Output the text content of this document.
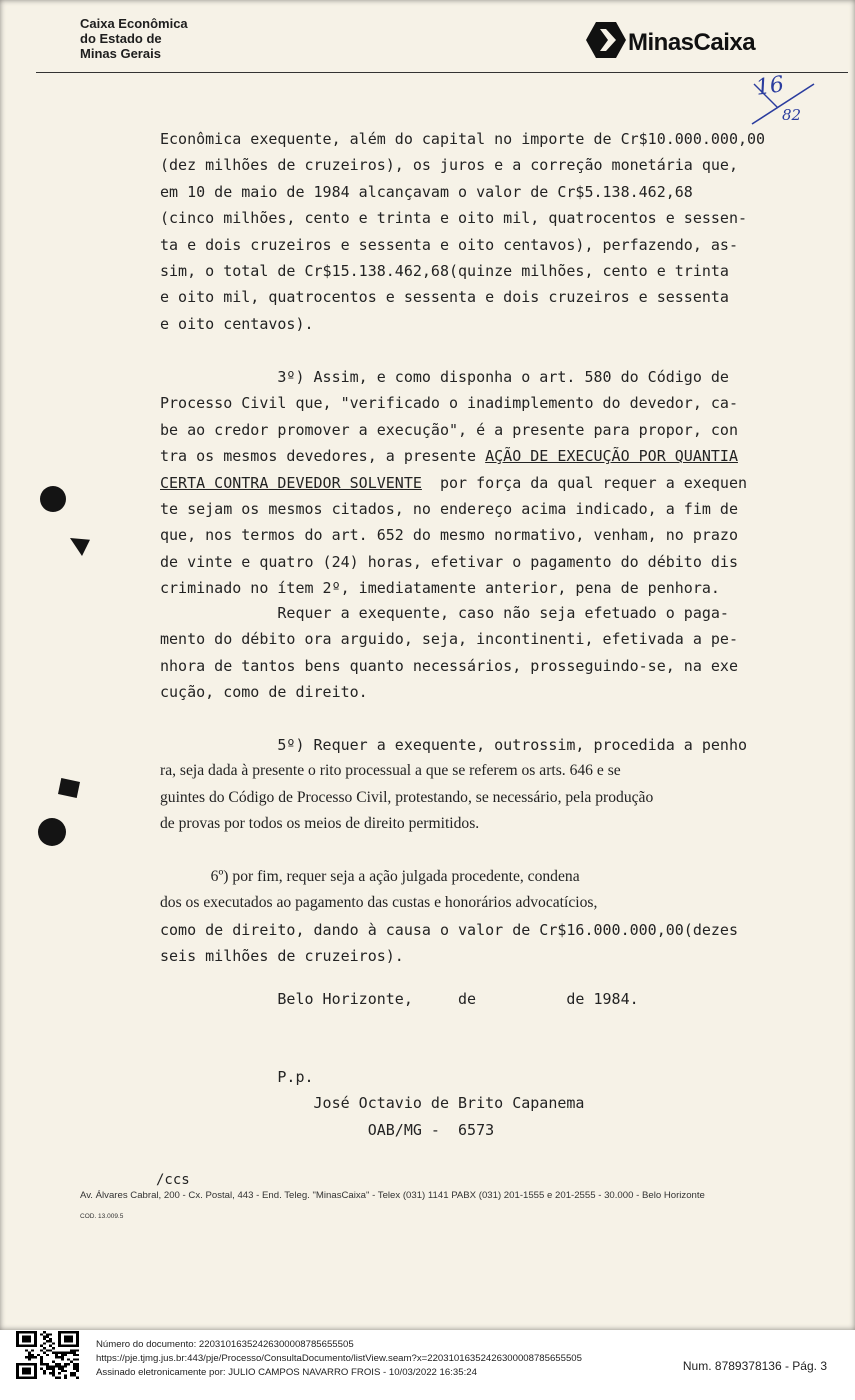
Caixa Econômica
do Estado de
Minas Gerais	MinasCaixa
16
82
Econômica exequente, além do capital no importe de Cr$10.000.000,00
(dez milhões de cruzeiros), os juros e a correção monetária que,
em 10 de maio de 1984 alcançavam o valor de Cr$5.138.462,68
(cinco milhões, cento e trinta e oito mil, quatrocentos e sessen-
ta e dois cruzeiros e sessenta e oito centavos), perfazendo, as-
sim, o total de Cr$15.138.462,68(quinze milhões, cento e trinta
e oito mil, quatrocentos e sessenta e dois cruzeiros e sessenta
e oito centavos).
3º) Assim, e como disponha o art. 580 do Código de
Processo Civil que, "verificado o inadimplemento do devedor, ca-
be ao credor promover a execução", é a presente para propor, con
tra os mesmos devedores, a presente AÇÃO DE EXECUÇÃO POR QUANTIA
CERTA CONTRA DEVEDOR SOLVENTE  por força da qual requer a exequen
te sejam os mesmos citados, no endereço acima indicado, a fim de
que, nos termos do art. 652 do mesmo normativo, venham, no prazo
de vinte e quatro (24) horas, efetivar o pagamento do débito dis
criminado no ítem 2º, imediatamente anterior, pena de penhora.
Requer a exequente, caso não seja efetuado o paga-
mento do débito ora arguido, seja, incontinenti, efetivada a pe-
nhora de tantos bens quanto necessários, prosseguindo-se, na exe
cução, como de direito.
5º) Requer a exequente, outrossim, procedida a penho
ra, seja dada à presente o rito processual a que se referem os arts. 646 e se
guintes do Código de Processo Civil, protestando, se necessário, pela produção
de provas por todos os meios de direito permitidos.
6º) por fim, requer seja a ação julgada procedente, condena
dos os executados ao pagamento das custas e honorários advocatícios,
como de direito, dando à causa o valor de Cr$16.000.000,00(dezes
seis milhões de cruzeiros).
Belo Horizonte,     de          de 1984.
P.p.
José Octavio de Brito Capanema
OAB/MG -  6573
/ccs
Av. Álvares Cabral, 200 - Cx. Postal, 443 - End. Teleg. "MinasCaixa" - Telex (031) 1141 PABX (031) 201-1555 e 201-2555 - 30.000 - Belo Horizonte
COD. 13.009.5
Número do documento: 22031016352426300008785655505
https://pje.tjmg.jus.br:443/pje/Processo/ConsultaDocumento/listView.seam?x=22031016352426300008785655505
Assinado eletronicamente por: JULIO CAMPOS NAVARRO FROIS - 10/03/2022 16:35:24	Num. 8789378136 - Pág. 3
